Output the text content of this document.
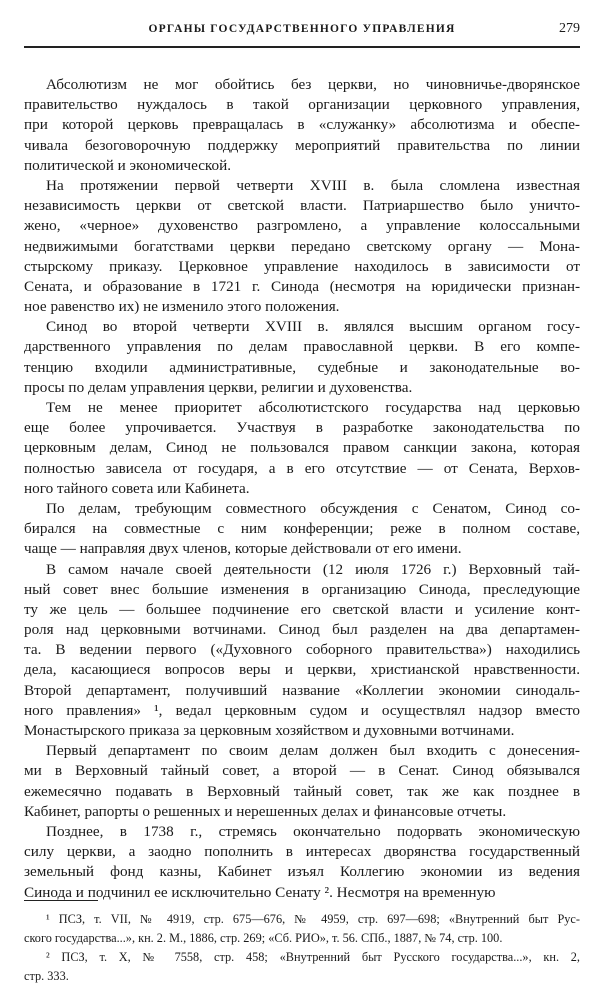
ОРГАНЫ ГОСУДАРСТВЕННОГО УПРАВЛЕНИЯ	279
Абсолютизм не мог обойтись без церкви, но чиновничье-дворянское
правительство нуждалось в такой организации церковного управления,
при которой церковь превращалась в «служанку» абсолютизма и обеспе-
чивала безоговорочную поддержку мероприятий правительства по линии
политической и экономической.
На протяжении первой четверти XVIII в. была сломлена известная
независимость церкви от светской власти. Патриаршество было уничто-
жено, «черное» духовенство разгромлено, а управление колоссальными
недвижимыми богатствами церкви передано светскому органу — Мона-
стырскому приказу. Церковное управление находилось в зависимости от
Сената, и образование в 1721 г. Синода (несмотря на юридически признан-
ное равенство их) не изменило этого положения.
Синод во второй четверти XVIII в. являлся высшим органом госу-
дарственного управления по делам православной церкви. В его компе-
тенцию входили административные, судебные и законодательные во-
просы по делам управления церкви, религии и духовенства.
Тем не менее приоритет абсолютистского государства над церковью
еще более упрочивается. Участвуя в разработке законодательства по
церковным делам, Синод не пользовался правом санкции закона, которая
полностью зависела от государя, а в его отсутствие — от Сената, Верхов-
ного тайного совета или Кабинета.
По делам, требующим совместного обсуждения с Сенатом, Синод со-
бирался на совместные с ним конференции; реже в полном составе,
чаще — направляя двух членов, которые действовали от его имени.
В самом начале своей деятельности (12 июля 1726 г.) Верховный тай-
ный совет внес большие изменения в организацию Синода, преследующие
ту же цель — большее подчинение его светской власти и усиление конт-
роля над церковными вотчинами. Синод был разделен на два департамен-
та. В ведении первого («Духовного соборного правительства») находились
дела, касающиеся вопросов веры и церкви, христианской нравственности.
Второй департамент, получивший название «Коллегии экономии синодаль-
ного правления» ¹, ведал церковным судом и осуществлял надзор вместо
Монастырского приказа за церковным хозяйством и духовными вотчинами.
Первый департамент по своим делам должен был входить с донесения-
ми в Верховный тайный совет, а второй — в Сенат. Синод обязывался
ежемесячно подавать в Верховный тайный совет, так же как позднее в
Кабинет, рапорты о решенных и нерешенных делах и финансовые отчеты.
Позднее, в 1738 г., стремясь окончательно подорвать экономическую
силу церкви, а заодно пополнить в интересах дворянства государственный
земельный фонд казны, Кабинет изъял Коллегию экономии из ведения
Синода и подчинил ее исключительно Сенату ². Несмотря на временную
¹ ПСЗ, т. VII, № 4919, стр. 675—676, № 4959, стр. 697—698; «Внутренний быт Рус-
ского государства...», кн. 2. М., 1886, стр. 269; «Сб. РИО», т. 56. СПб., 1887, № 74, стр. 100.
² ПСЗ, т. X, № 7558, стр. 458; «Внутренний быт Русского государства...», кн. 2,
стр. 333.
